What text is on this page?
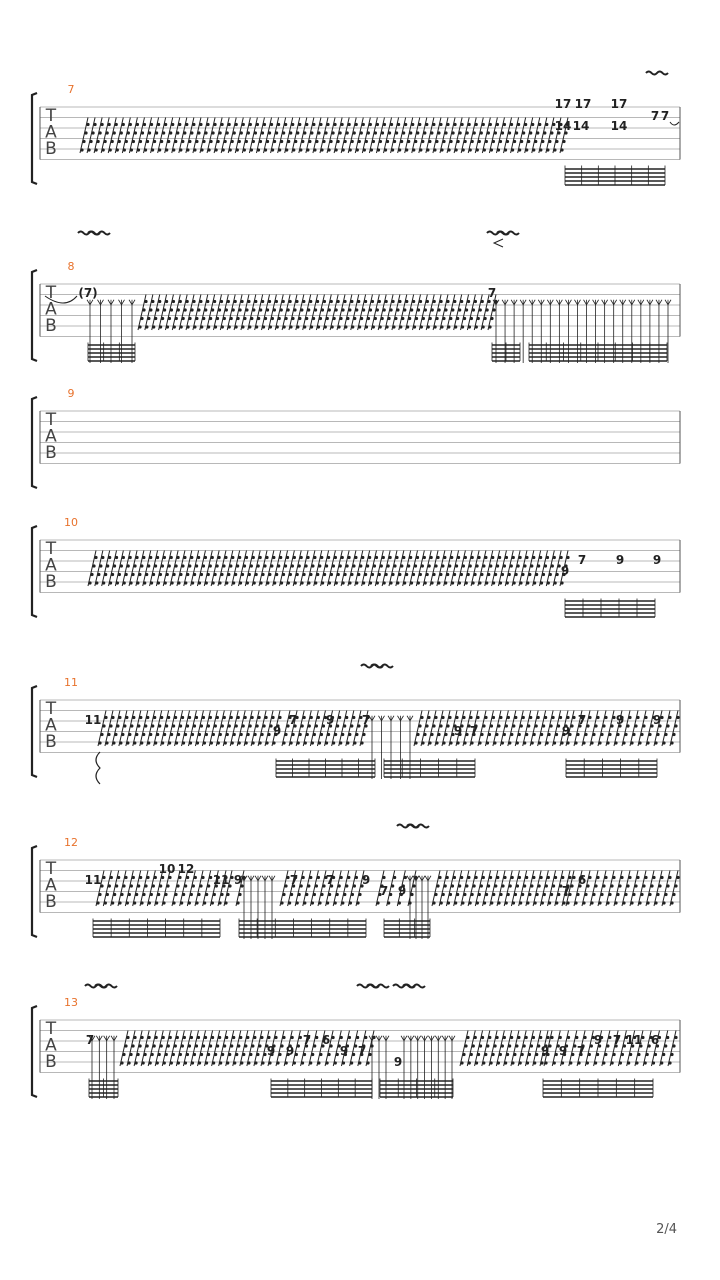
T
A
B
7
17 17 17
14 14 14
7 7
T
A
B
8
(7)	7
T
A
B
9
T
A
B
10
9
7 9 9
T
A
B
11
11
9
7 9 7
9 7	9
7 9 9
T
A
B
12
11
10 12
11 9	7 7 9
7 9	7
6
T
A
B
13
7
9 9
7 6
9 7
9
9 9 7
9 7 11 6
2/4
